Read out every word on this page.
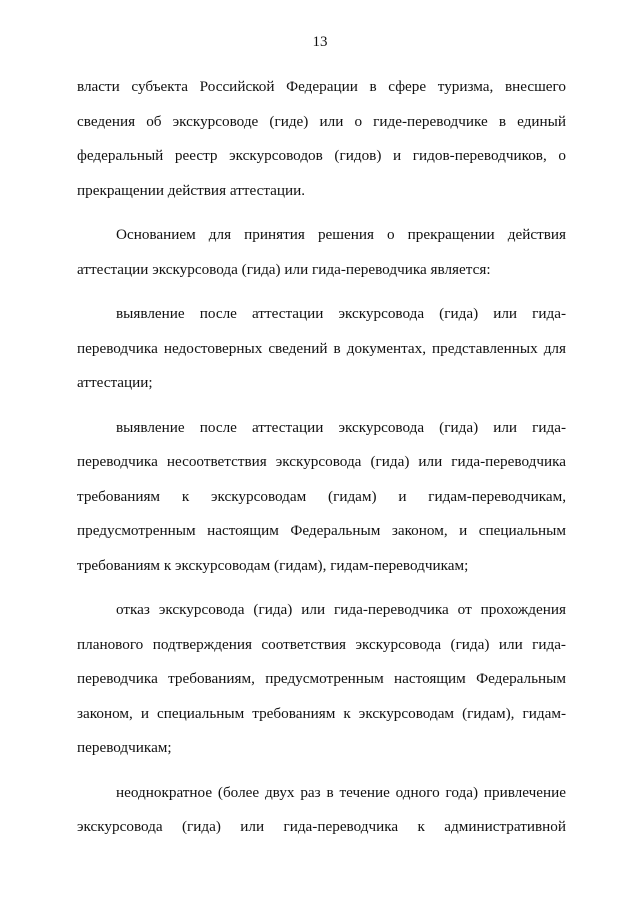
13

власти субъекта Российской Федерации в сфере туризма, внесшего сведения об экскурсоводе (гиде) или о гиде-переводчике в единый федеральный реестр экскурсоводов (гидов) и гидов-переводчиков, о прекращении действия аттестации.

Основанием для принятия решения о прекращении действия аттестации экскурсовода (гида) или гида-переводчика является:

выявление после аттестации экскурсовода (гида) или гида-переводчика недостоверных сведений в документах, представленных для аттестации;

выявление после аттестации экскурсовода (гида) или гида-переводчика несоответствия экскурсовода (гида) или гида-переводчика требованиям к экскурсоводам (гидам) и гидам-переводчикам, предусмотренным настоящим Федеральным законом, и специальным требованиям к экскурсоводам (гидам), гидам-переводчикам;

отказ экскурсовода (гида) или гида-переводчика от прохождения планового подтверждения соответствия экскурсовода (гида) или гида-переводчика требованиям, предусмотренным настоящим Федеральным законом, и специальным требованиям к экскурсоводам (гидам), гидам-переводчикам;

неоднократное (более двух раз в течение одного года) привлечение экскурсовода (гида) или гида-переводчика к административной
